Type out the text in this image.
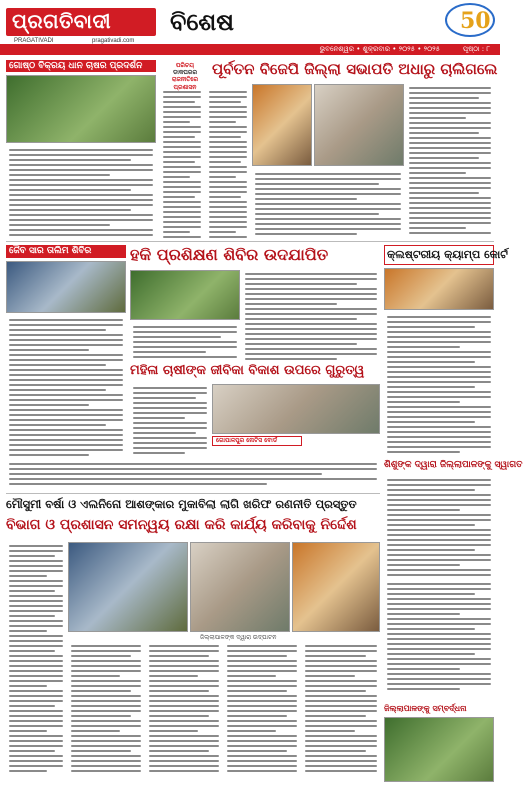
ପ୍ରଗତିବାଦୀ
PRAGATIVADI	pragativadi.com
ବିଶେଷ	50
ଭୁବନେଶ୍ୱର • ଶୁକ୍ରବାର • ୨୦୨୫ • ୨୦୨୫	ପୃଷ୍ଠା : ୮
ଗୋଷ୍ଠ ବିକ୍ରୟ ଧାନ ଚାଷର ପ୍ରଦର୍ଶନ	ପରିଚୟ
ଡାକଘରର
ରାଜନୀତିରେ ପ୍ରଶାସନ
ପୂର୍ବତନ ବିଜେପି ଜିଲ୍ଲା ସଭାପତି ଅଧାରୁ ଚାଲିଗଲେ
ଜୈବ ସାର ତାଲିମ ଶିବିର	ହକି ପ୍ରଶିକ୍ଷଣ ଶିବିର ଉଦଯାପିତ	କ୍ଲଷ୍ଟରୀୟ କ୍ୟାମ୍ପ କୋର୍ଟ
ମହିଳା ଚାଷୀଙ୍କ ଜୀବିକା ବିକାଶ ଉପରେ ଗୁରୁତ୍ୱ
ଗୋପାଳପୁର ନୋଟିସ ବୋର୍ଡ
ଶିଶୁଙ୍କ ଦ୍ୱାରା ଜିଲ୍ଲାପାଳଙ୍କୁ ସ୍ୱାଗତ
ମୌସୁମୀ ବର୍ଷା ଓ ଏଲନିନୋ ଆଶଙ୍କାର ମୁକାବିଲା ଲାଗି ଖରିଫ ରଣନୀତି ପ୍ରସ୍ତୁତ
ବିଭାଗ ଓ ପ୍ରଶାସନ ସମନ୍ୱୟ ରକ୍ଷା କରି କାର୍ଯ୍ୟ କରିବାକୁ ନିର୍ଦ୍ଦେଶ
ଜିଲ୍ଲାପାଳଙ୍କ ଦ୍ୱାରା ଉଦ୍‌ଘାଟନ
ଜିଲ୍ଲାପାଳଙ୍କୁ ସମ୍ବର୍ଦ୍ଧନା
